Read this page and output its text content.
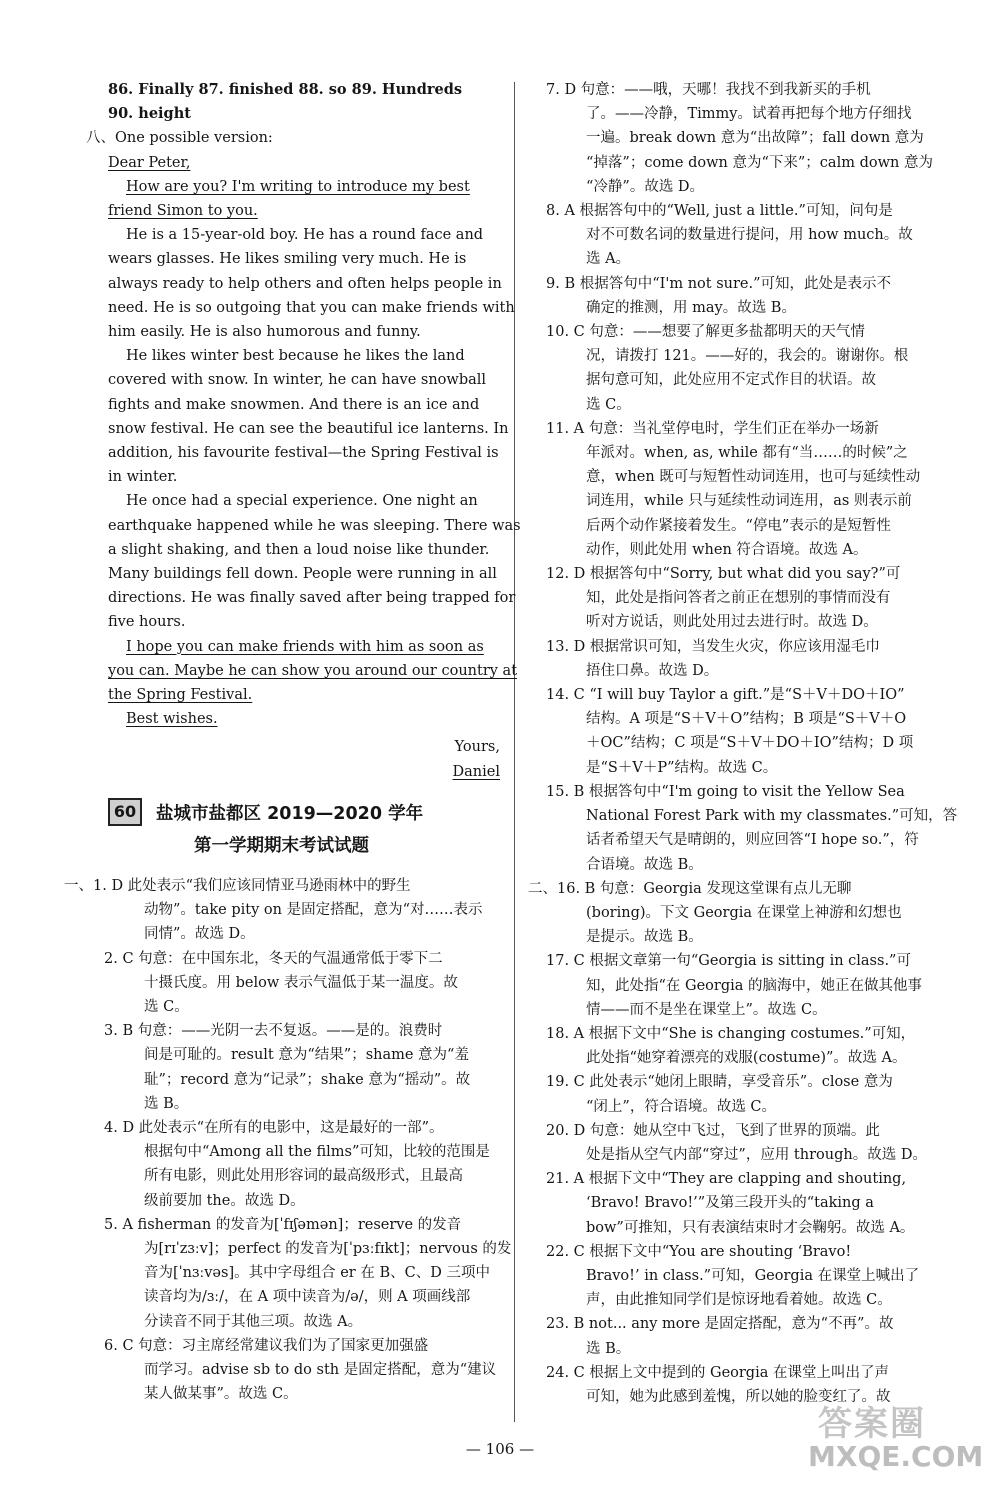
86. Finally 87. finished 88. so 89. Hundreds
90. height
八、One possible version:
Dear Peter,
How are you? I'm writing to introduce my best
friend Simon to you.
He is a 15-year-old boy. He has a round face and
wears glasses. He likes smiling very much. He is
always ready to help others and often helps people in
need. He is so outgoing that you can make friends with
him easily. He is also humorous and funny.
He likes winter best because he likes the land
covered with snow. In winter, he can have snowball
fights and make snowmen. And there is an ice and
snow festival. He can see the beautiful ice lanterns. In
addition, his favourite festival—the Spring Festival is
in winter.
He once had a special experience. One night an
earthquake happened while he was sleeping. There was
a slight shaking, and then a loud noise like thunder.
Many buildings fell down. People were running in all
directions. He was finally saved after being trapped for
five hours.
I hope you can make friends with him as soon as
you can. Maybe he can show you around our country at
the Spring Festival.
Best wishes.
Yours,
Daniel
60	盐城市盐都区 2019—2020 学年
第一学期期末考试试题
一、1. D 此处表示“我们应该同情亚马逊雨林中的野生
动物”。take pity on 是固定搭配，意为“对……表示
同情”。故选 D。
2. C 句意：在中国东北，冬天的气温通常低于零下二
十摄氏度。用 below 表示气温低于某一温度。故
选 C。
3. B 句意：——光阴一去不复返。——是的。浪费时
间是可耻的。result 意为“结果”；shame 意为“羞
耻”；record 意为“记录”；shake 意为“摇动”。故
选 B。
4. D 此处表示“在所有的电影中，这是最好的一部”。
根据句中“Among all the films”可知，比较的范围是
所有电影，则此处用形容词的最高级形式，且最高
级前要加 the。故选 D。
5. A fisherman 的发音为[ˈfɪʃəmən]；reserve 的发音
为[rɪˈzɜːv]；perfect 的发音为[ˈpɜːfɪkt]；nervous 的发
音为[ˈnɜːvəs]。其中字母组合 er 在 B、C、D 三项中
读音均为/ɜː/，在 A 项中读音为/ə/，则 A 项画线部
分读音不同于其他三项。故选 A。
6. C 句意：习主席经常建议我们为了国家更加强盛
而学习。advise sb to do sth 是固定搭配，意为“建议
某人做某事”。故选 C。
7. D 句意：——哦，天哪！我找不到我新买的手机
了。——冷静，Timmy。试着再把每个地方仔细找
一遍。break down 意为“出故障”；fall down 意为
“掉落”；come down 意为“下来”；calm down 意为
“冷静”。故选 D。
8. A 根据答句中的“Well, just a little.”可知，问句是
对不可数名词的数量进行提问，用 how much。故
选 A。
9. B 根据答句中“I'm not sure.”可知，此处是表示不
确定的推测，用 may。故选 B。
10. C 句意：——想要了解更多盐都明天的天气情
况，请拨打 121。——好的，我会的。谢谢你。根
据句意可知，此处应用不定式作目的状语。故
选 C。
11. A 句意：当礼堂停电时，学生们正在举办一场新
年派对。when, as, while 都有“当……的时候”之
意，when 既可与短暂性动词连用，也可与延续性动
词连用，while 只与延续性动词连用，as 则表示前
后两个动作紧接着发生。“停电”表示的是短暂性
动作，则此处用 when 符合语境。故选 A。
12. D 根据答句中“Sorry, but what did you say?”可
知，此处是指问答者之前正在想别的事情而没有
听对方说话，则此处用过去进行时。故选 D。
13. D 根据常识可知，当发生火灾，你应该用湿毛巾
捂住口鼻。故选 D。
14. C “I will buy Taylor a gift.”是“S＋V＋DO＋IO”
结构。A 项是“S＋V＋O”结构；B 项是“S＋V＋O
＋OC”结构；C 项是“S＋V＋DO＋IO”结构；D 项
是“S＋V＋P”结构。故选 C。
15. B 根据答句中“I'm going to visit the Yellow Sea
National Forest Park with my classmates.”可知，答
话者希望天气是晴朗的，则应回答“I hope so.”，符
合语境。故选 B。
二、16. B 句意：Georgia 发现这堂课有点儿无聊
(boring)。下文 Georgia 在课堂上神游和幻想也
是提示。故选 B。
17. C 根据文章第一句“Georgia is sitting in class.”可
知，此处指“在 Georgia 的脑海中，她正在做其他事
情——而不是坐在课堂上”。故选 C。
18. A 根据下文中“She is changing costumes.”可知，
此处指“她穿着漂亮的戏服(costume)”。故选 A。
19. C 此处表示“她闭上眼睛，享受音乐”。close 意为
“闭上”，符合语境。故选 C。
20. D 句意：她从空中飞过，飞到了世界的顶端。此
处是指从空气内部“穿过”，应用 through。故选 D。
21. A 根据下文中“They are clapping and shouting,
‘Bravo! Bravo!’”及第三段开头的“taking a
bow”可推知，只有表演结束时才会鞠躬。故选 A。
22. C 根据下文中“You are shouting ‘Bravo!
Bravo!’ in class.”可知，Georgia 在课堂上喊出了
声，由此推知同学们是惊讶地看着她。故选 C。
23. B not... any more 是固定搭配，意为“不再”。故
选 B。
24. C 根据上文中提到的 Georgia 在课堂上叫出了声
可知，她为此感到羞愧，所以她的脸变红了。故
— 106 —
答案圈
MXQE.COM
